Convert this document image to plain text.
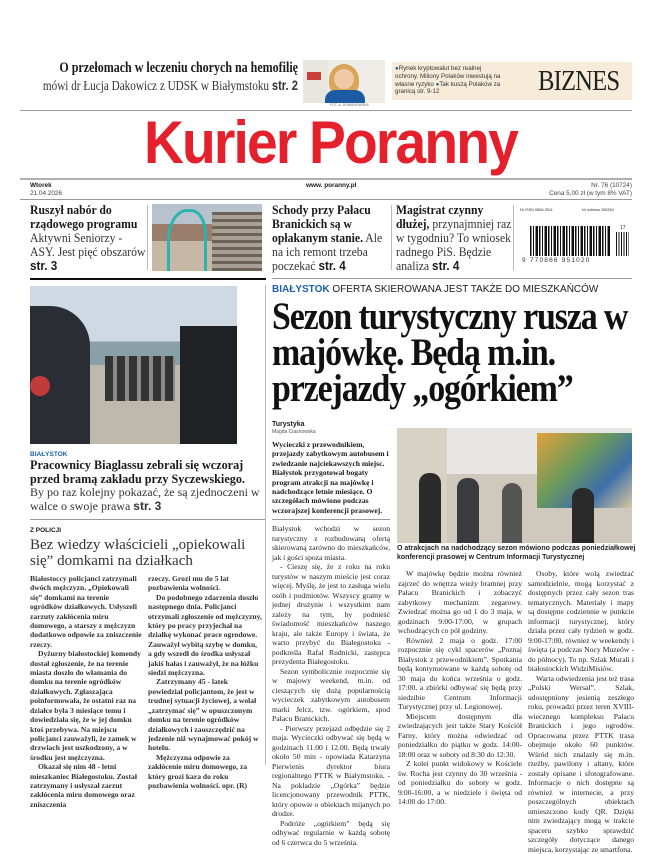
O przełomach w leczeniu chorych na hemofilię
mówi dr Łucja Dakowicz z UDSK w Białymstoku str. 2
FOT. A. DOMANOWSKA
●Rynek kryptowalut bez realnej ochrony. Miliony Polaków inwestują na własne ryzyko ●Tak kuszą Polaków za granicą str. 9-12	BIZNES
Kurier Poranny
Wtorek
21.04.2026
www. poranny.pl	Nr. 76 (10724)
Cena 5,00 zł (w tym 8% VAT)
Ruszył nabór do rządowego programu Aktywni Seniorzy - ASY. Jest pięć obszarów str. 3
Schody przy Pałacu Branickich są w opłakanym stanie. Ale na ich remont trzeba poczekać str. 4
Magistrat czynny dłużej, przynajmniej raz w tygodniu? To wniosek radnego PiS. Będzie analiza str. 4
Nr ISSN 0866-9511	Nr indeksu 350354
17
9 770866 951020
BIAŁYSTOK
Pracownicy Biaglassu zebrali się wczoraj przed bramą zakładu przy Syczewskiego.
By po raz kolejny pokazać, że są zjednoczeni w walce o swoje prawa str. 3
Z POLICJI
Bez wiedzy właścicieli „opiekowali się” domkami na działkach

Białostoccy policjanci zatrzymali dwóch mężczyzn. „Opiekowali się” domkami na terenie ogródków działkowych. Usłyszeli zarzuty zakłócenia miru domowego, a starszy z mężczyzn dodatkowo odpowie za zniszczenie rzeczy.

Dyżurny białostockiej komendy dostał zgłoszenie, że na terenie miasta doszło do włamania do domku na terenie ogródków działkowych. Zgłaszająca poinformowała, że ostatni raz na działce była 3 miesiące temu i dowiedziała się, że w jej domku ktoś przebywa. Na miejscu policjanci zauważyli, że zamek w drzwiach jest uszkodzony, a w środku jest mężczyzna.

Okazał się nim 48 - letni mieszkaniec Białegostoku. Został zatrzymany i usłyszał zarzut zakłócenia miru domowego oraz zniszczenia

rzeczy. Grozi mu do 5 lat pozbawienia wolności.

Do podobnego zdarzenia doszło następnego dnia. Policjanci otrzymali zgłoszenie od mężczyzny, który po pracy przyjechał na działkę wykonać prace ogrodowe. Zauważył wybitą szybę w domku, a gdy wszedł do środka usłyszał jakiś hałas i zauważył, że na łóżku siedzi mężczyzna.

Zatrzymany 45 - latek powiedział policjantom, że jest w trudnej sytuacji życiowej, a wolał „zatrzymać się” w opuszczonym domku na terenie ogródków działkowych i zaoszczędzić na jedzenie niż wynajmować pokój w hotelu.

Mężczyzna odpowie za zakłócenie miru domowego, za który grozi kara do roku pozbawienia wolności. opr. (R)

BIAŁYSTOK OFERTA SKIEROWANA JEST TAKŻE DO MIESZKAŃCÓW
Sezon turystyczny rusza w majówkę. Będą m.in. przejazdy „ogórkiem”
Turystyka
Magda Ciasnowska
Wycieczki z przewodnikiem, przejazdy zabytkowym autobusem i zwiedzanie najciekawszych miejsc. Białystok przygotował bogaty program atrakcji na majówkę i nadchodzące letnie miesiące. O szczegółach mówiono podczas wczorajszej konferencji prasowej.

Białystok wchodzi w sezon turystyczny z rozbudowaną ofertą skierowaną zarówno do mieszkańców, jak i gości spoza miasta.

- Cieszę się, że z roku na roku turystów w naszym mieście jest coraz więcej. Myślę, że jest to zasługa wielu osób i podmiotów. Wszyscy gramy w jednej drużynie i wszystkim nam zależy na tym, by podnieść świadomość mieszkańców naszego kraju, ale także Europy i świata, że warto przybyć do Białegostoku - podkreśla Rafał Rudnicki, zastępca prezydenta Białegostoku.

Sezon symbolicznie rozpocznie się w majowy weekend, m.in. od cieszących się dużą popularnością wycieczek zabytkowym autobusem marki Jelcz, tzw. ogórkiem, spod Pałacu Branickich.

- Pierwszy przejazd odbędzie się 2 maja. Wycieczki odbywać się będą w godzinach 11.00 i 12.00. Będą trwały około 50 min - opowiada Katarzyna Pierwienis dyrektor biura regionalnego PTTK w Białymstoku. - Na pokładzie „Ogórka” będzie licencjonowany przewodnik PTTK, który opowie o obiektach mijanych po drodze.

Podróże „ogórkiem” będą się odbywać regularnie w każdą sobotę od 6 czerwca do 5 września.

O atrakcjach na nadchodzący sezon mówiono podczas poniedziałkowej konferencji prasowej w Centrum Informacji Turystycznej

W majówkę będzie można również zajrzeć do wnętrza wieży bramnej przy Pałacu Branickich i zobaczyć zabytkowy mechanizm zegarowy. Zwiedzać można go od 1 do 3 maja, w godzinach 9:00-17:00, w grupach wchodzących co pół godziny.

Również 2 maja o godz. 17:00 rozpocznie się cykl spacerów „Poznaj Białystok z przewodnikiem”. Spotkania będą kontynuowane w każdą sobotę od 30 maja do końca września o godz. 17:00, a zbiórki odbywać się będą przy siedzibie Centrum Informacji Turystycznej przy ul. Legionowej.

Miejscem dostępnym dla zwiedzających jest także Stary Kościół Farny, który można odwiedzać od poniedziałku do piątku w godz. 14:00-18:00 oraz w soboty od 8:30 do 12:30.

Z kolei punkt widokowy w Kościele św. Rocha jest czynny do 30 września - od poniedziałku do soboty w godz. 9:00-16:00, a w niedziele i święta od 14:00 do 17:00.

Osoby, które wolą zwiedzać samodzielnie, mogą korzystać z dostępnych przez cały sezon tras tematycznych. Materiały i mapy są dostępne codziennie w punkcie informacji turystycznej, który działa przez cały tydzień w godz. 9:00-17:00, również w weekendy i święta (a podczas Nocy Muzeów - do północy). To np. Szlak Murali i białostockich WidziMisiów.

Warta odwiedzenia jest też trasa „Polski Wersal”. Szlak, udostępniony jesienią zeszłego roku, prowadzi przez teren XVIII-wiecznego kompleksu Pałacu Branickich i jego ogrodów. Opracowana przez PTTK trasa obejmuje około 60 punktów. Wśród nich znalazły się m.in. rzeźby, pawilony i altany, które zostały opisane i sfotografowane. Informacje o nich dostępne są również w internecie, a przy poszczególnych obiektach umieszczono kody QR. Dzięki nim zwiedzający mogą w trakcie spaceru szybko sprawdzić szczegóły dotyczące danego miejsca, korzystając ze smartfona.
